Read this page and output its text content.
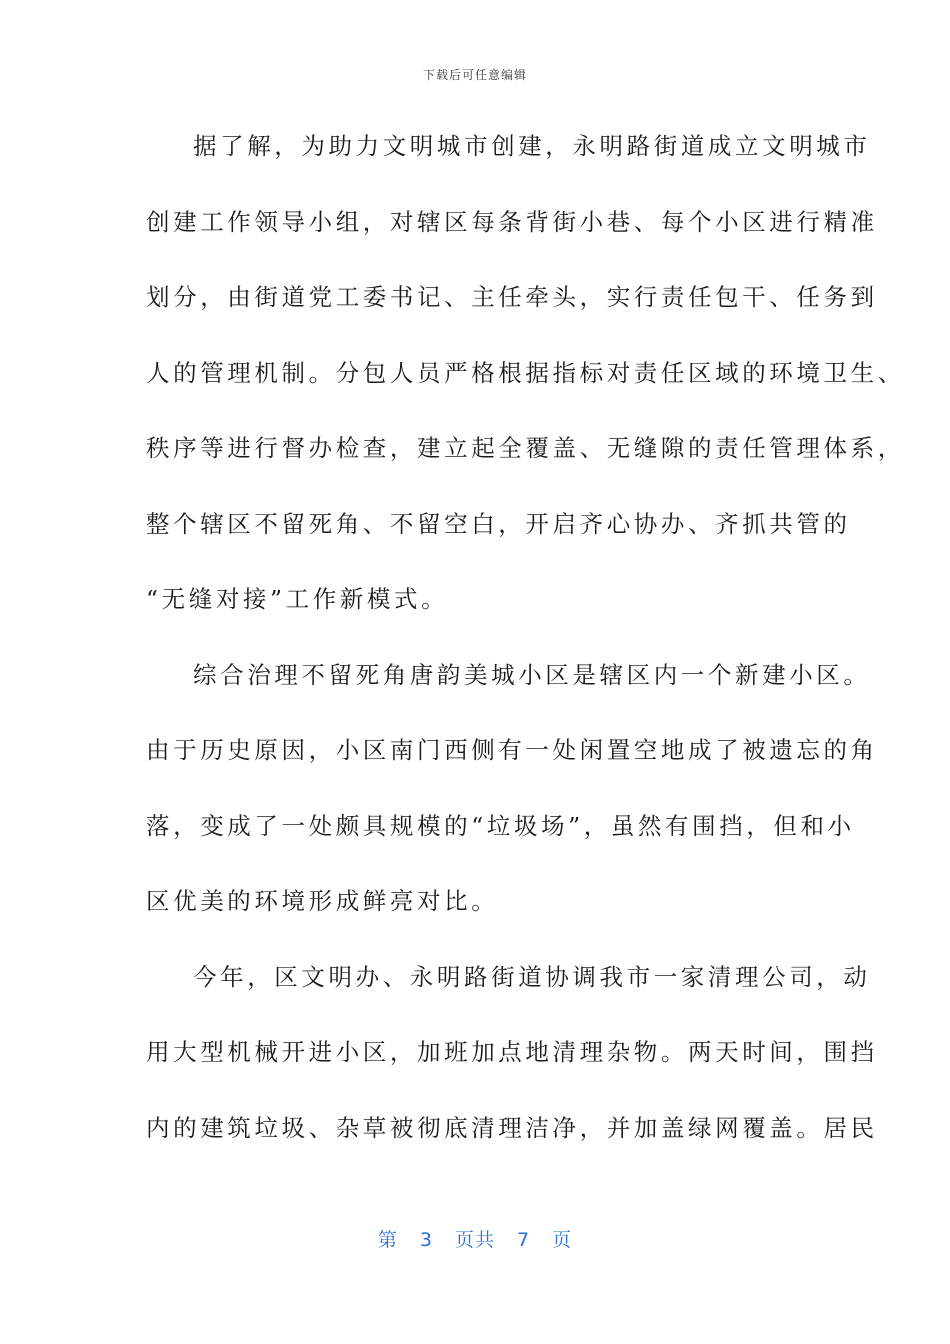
下载后可任意编辑
据了解，为助力文明城市创建，永明路街道成立文明城市
创建工作领导小组，对辖区每条背街小巷、每个小区进行精准
划分，由街道党工委书记、主任牵头，实行责任包干、任务到
人的管理机制。分包人员严格根据指标对责任区域的环境卫生、
秩序等进行督办检查，建立起全覆盖、无缝隙的责任管理体系，
整个辖区不留死角、不留空白，开启齐心协办、齐抓共管的
“无缝对接”工作新模式。
综合治理不留死角唐韵美城小区是辖区内一个新建小区。
由于历史原因，小区南门西侧有一处闲置空地成了被遗忘的角
落，变成了一处颇具规模的“垃圾场”，虽然有围挡，但和小
区优美的环境形成鲜亮对比。
今年，区文明办、永明路街道协调我市一家清理公司，动
用大型机械开进小区，加班加点地清理杂物。两天时间，围挡
内的建筑垃圾、杂草被彻底清理洁净，并加盖绿网覆盖。居民
第 3 页共 7 页
